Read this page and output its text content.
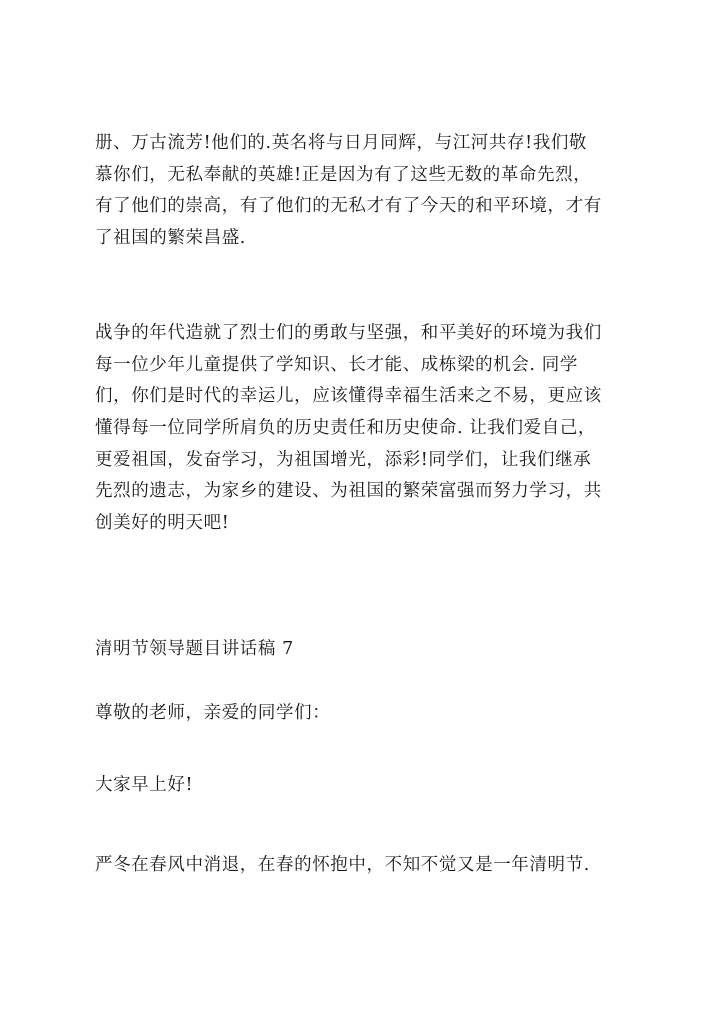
册、万古流芳!他们的.英名将与日月同辉，与江河共存!我们敬
慕你们，无私奉献的英雄!正是因为有了这些无数的革命先烈，
有了他们的崇高，有了他们的无私才有了今天的和平环境，才有
了祖国的繁荣昌盛.

战争的年代造就了烈士们的勇敢与坚强，和平美好的环境为我们
每一位少年儿童提供了学知识、长才能、成栋梁的机会. 同学
们，你们是时代的幸运儿，应该懂得幸福生活来之不易，更应该
懂得每一位同学所肩负的历史责任和历史使命. 让我们爱自己，
更爱祖国，发奋学习，为祖国增光，添彩!同学们，让我们继承
先烈的遗志，为家乡的建设、为祖国的繁荣富强而努力学习，共
创美好的明天吧!

清明节领导题目讲话稿 7

尊敬的老师，亲爱的同学们：

大家早上好!

严冬在春风中消退，在春的怀抱中，不知不觉又是一年清明节.
